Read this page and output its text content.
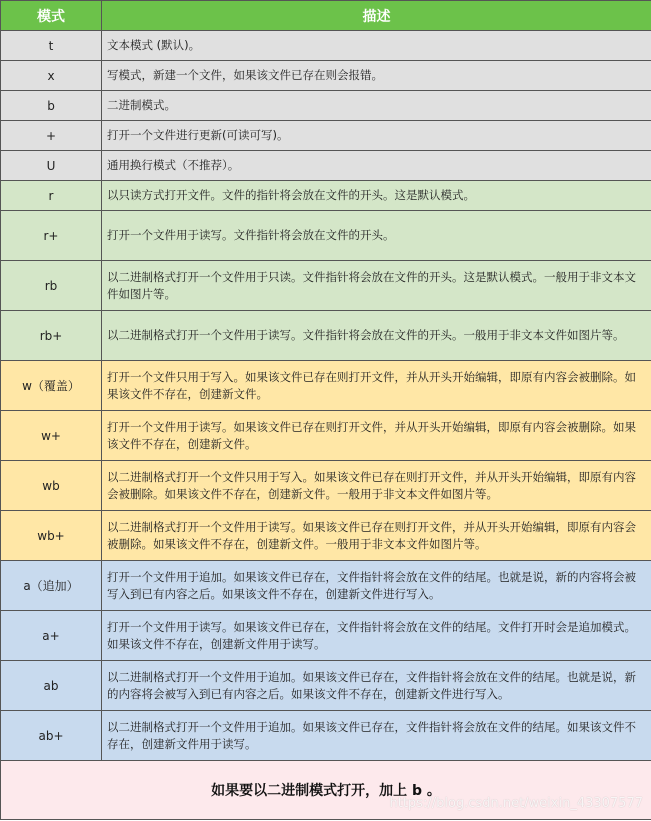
模式	描述
t	文本模式 (默认)。
x	写模式，新建一个文件，如果该文件已存在则会报错。
b	二进制模式。
+	打开一个文件进行更新(可读可写)。
U	通用换行模式（不推荐）。
r	以只读方式打开文件。文件的指针将会放在文件的开头。这是默认模式。
r+	打开一个文件用于读写。文件指针将会放在文件的开头。
rb	以二进制格式打开一个文件用于只读。文件指针将会放在文件的开头。这是默认模式。一般用于非文本文件如图片等。
rb+	以二进制格式打开一个文件用于读写。文件指针将会放在文件的开头。一般用于非文本文件如图片等。
w（覆盖）	打开一个文件只用于写入。如果该文件已存在则打开文件，并从开头开始编辑，即原有内容会被删除。如果该文件不存在，创建新文件。
w+	打开一个文件用于读写。如果该文件已存在则打开文件，并从开头开始编辑，即原有内容会被删除。如果该文件不存在，创建新文件。
wb	以二进制格式打开一个文件只用于写入。如果该文件已存在则打开文件，并从开头开始编辑，即原有内容会被删除。如果该文件不存在，创建新文件。一般用于非文本文件如图片等。
wb+	以二进制格式打开一个文件用于读写。如果该文件已存在则打开文件，并从开头开始编辑，即原有内容会被删除。如果该文件不存在，创建新文件。一般用于非文本文件如图片等。
a（追加）	打开一个文件用于追加。如果该文件已存在，文件指针将会放在文件的结尾。也就是说，新的内容将会被写入到已有内容之后。如果该文件不存在，创建新文件进行写入。
a+	打开一个文件用于读写。如果该文件已存在，文件指针将会放在文件的结尾。文件打开时会是追加模式。如果该文件不存在，创建新文件用于读写。
ab	以二进制格式打开一个文件用于追加。如果该文件已存在，文件指针将会放在文件的结尾。也就是说，新的内容将会被写入到已有内容之后。如果该文件不存在，创建新文件进行写入。
ab+	以二进制格式打开一个文件用于追加。如果该文件已存在，文件指针将会放在文件的结尾。如果该文件不存在，创建新文件用于读写。
如果要以二进制模式打开，加上 b 。	
https://blog.csdn.net/weixin_43307577
